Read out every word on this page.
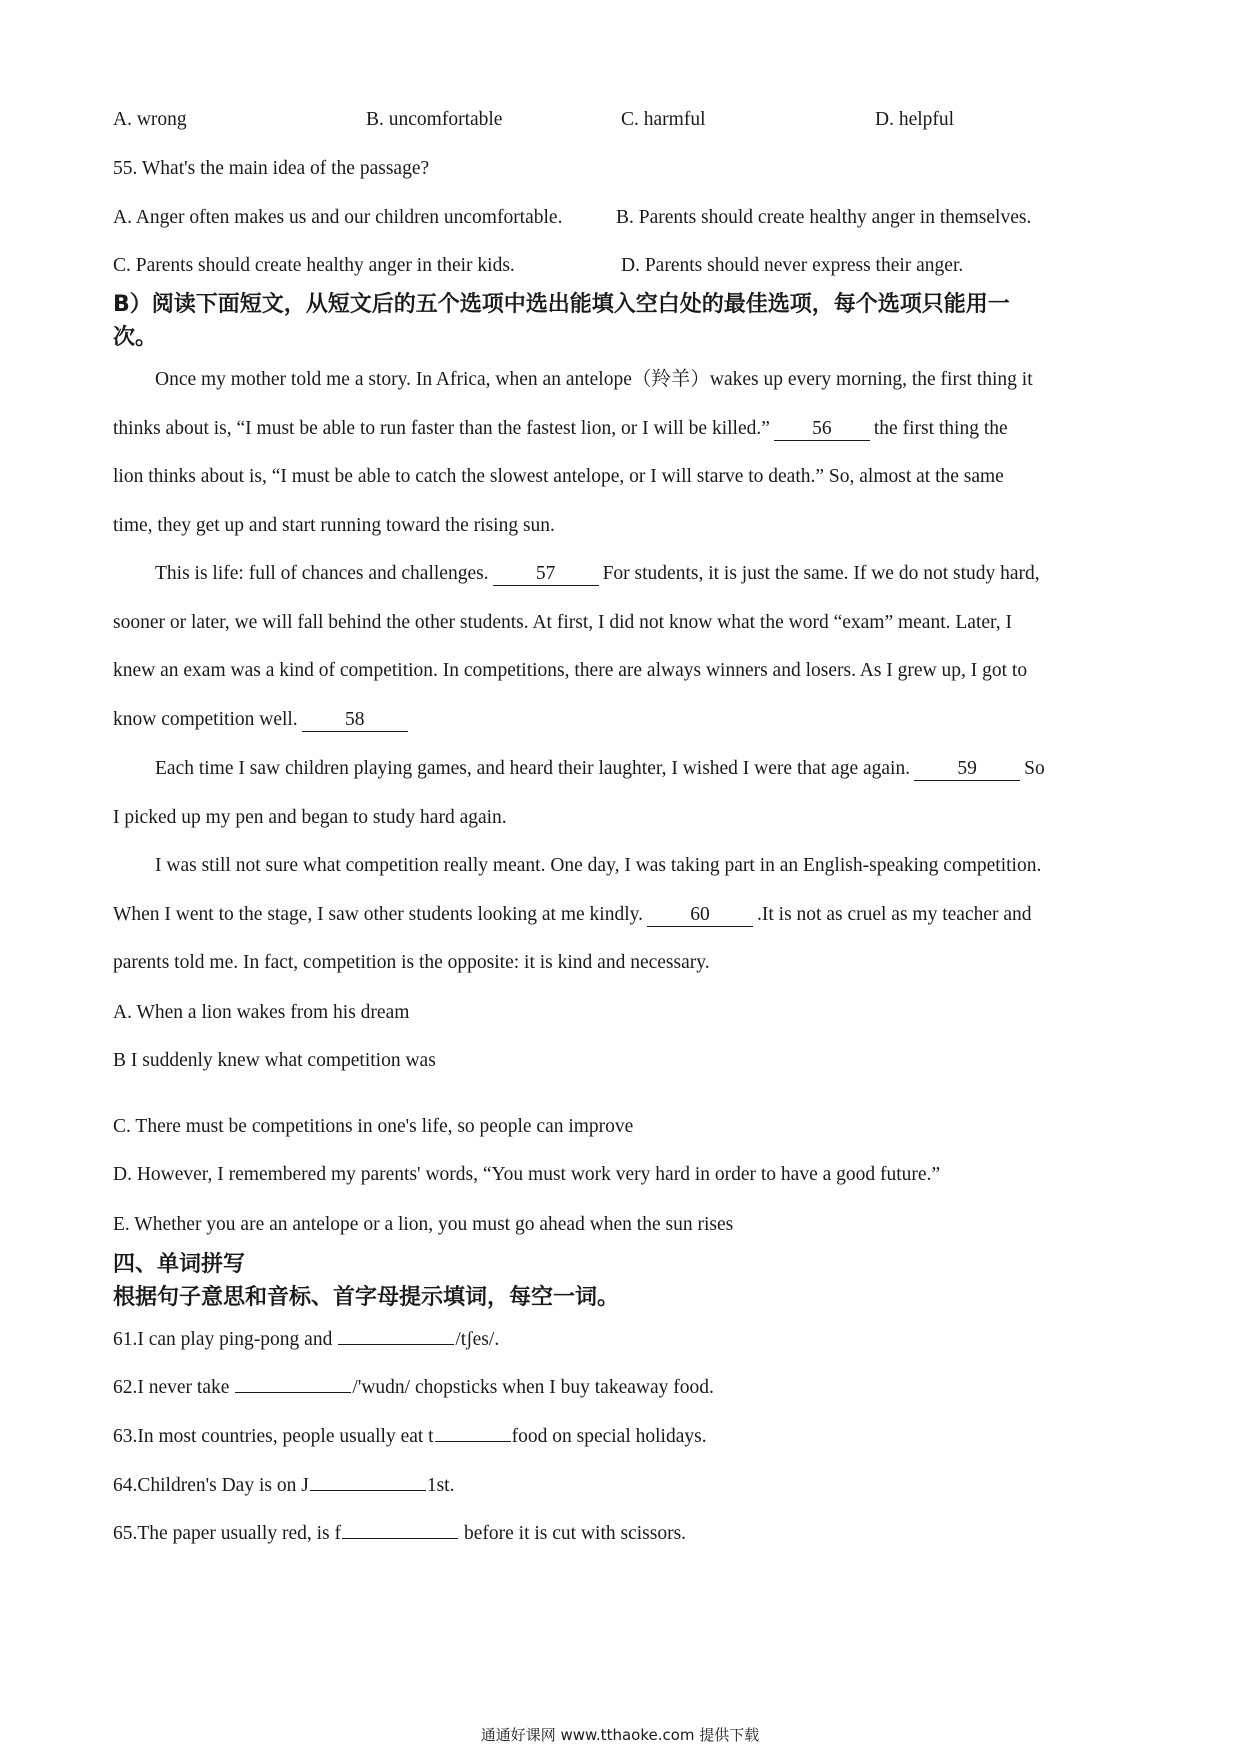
A. wrong	B. uncomfortable	C. harmful	D. helpful
55. What's the main idea of the passage?
A. Anger often makes us and our children uncomfortable.	B. Parents should create healthy anger in themselves.
C. Parents should create healthy anger in their kids.	D. Parents should never express their anger.
B）阅读下面短文，从短文后的五个选项中选出能填入空白处的最佳选项，每个选项只能用一
次。
Once my mother told me a story. In Africa, when an antelope（羚羊）wakes up every morning, the first thing it
thinks about is, “I must be able to run faster than the fastest lion, or I will be killed.” 56 the first thing the
lion thinks about is, “I must be able to catch the slowest antelope, or I will starve to death.” So, almost at the same
time, they get up and start running toward the rising sun.
This is life: full of chances and challenges. 57 For students, it is just the same. If we do not study hard,
sooner or later, we will fall behind the other students. At first, I did not know what the word “exam” meant. Later, I
knew an exam was a kind of competition. In competitions, there are always winners and losers. As I grew up, I got to
know competition well. 58
Each time I saw children playing games, and heard their laughter, I wished I were that age again. 59 So
I picked up my pen and began to study hard again.
I was still not sure what competition really meant. One day, I was taking part in an English-speaking competition.
When I went to the stage, I saw other students looking at me kindly. 60 .It is not as cruel as my teacher and
parents told me. In fact, competition is the opposite: it is kind and necessary.
A. When a lion wakes from his dream
B I suddenly knew what competition was
C. There must be competitions in one's life, so people can improve
D. However, I remembered my parents' words, “You must work very hard in order to have a good future.”
E. Whether you are an antelope or a lion, you must go ahead when the sun rises
四、单词拼写
根据句子意思和音标、首字母提示填词，每空一词。
61.I can play ping-pong and	/tʃes/.
62.I never take	/'wudn/ chopsticks when I buy takeaway food.
63.In most countries, people usually eat t	food on special holidays.
64.Children's Day is on J	1st.
65.The paper usually red, is f	before it is cut with scissors.
通通好课网 www.tthaoke.com 提供下载
